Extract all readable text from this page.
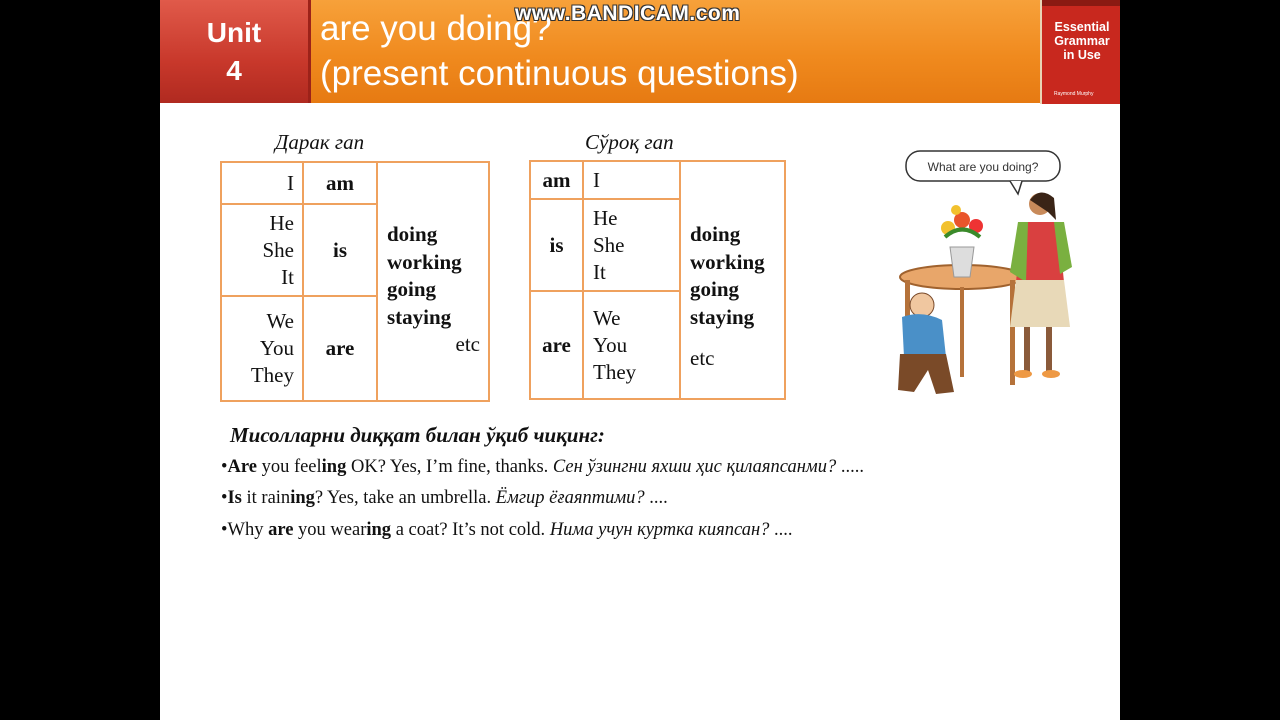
Unit
4
are you doing?
(present continuous questions)
www.BANDICAM.com
Essential
Grammar
in Use
Raymond Murphy
Дарак гап
I	am	doing
working
going
staying
etc

He
She
It	is	

We
You
They	are	
Сўроқ гап
am	I	doing
working
going
staying
etc

is	He
She
It	

are	We
You
They	
What are you doing?
Мисолларни диққат билан ўқиб чиқинг:
•Are you feeling OK? Yes, I’m fine, thanks. Сен ўзингни яхши ҳис қилаяпсанми? .....
•Is it raining? Yes, take an umbrella. Ёмгир ёғаяптими? ....
•Why are you wearing a coat? It’s not cold. Нима учун куртка кияпсан? ....
